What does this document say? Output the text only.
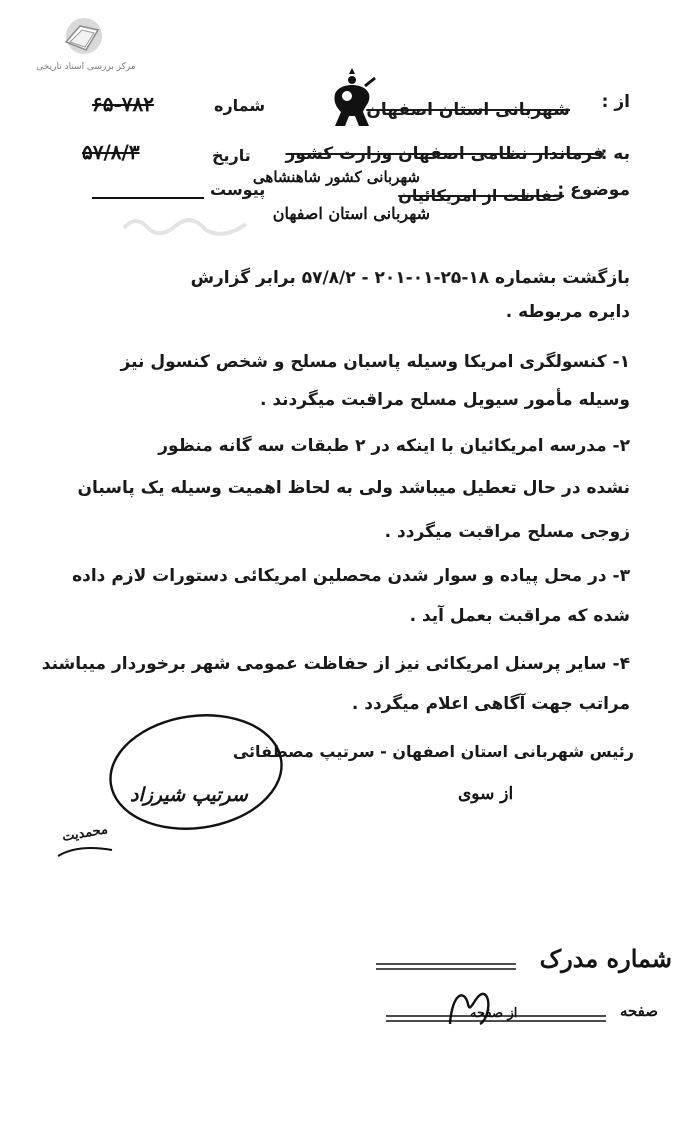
مرکز بررسی اسناد تاریخی
از :
شهربانی استان اصفهان
به :
فرماندار نظامی اصفهان وزارت کشور
شهربانی کشور شاهنشاهی
موضوع :
حفاظت از امریکائیان
شهربانی استان اصفهان
شماره
۶۵-۷۸۲
تاریخ
۵۷/۸/۳
پیوست
بازگشت بشماره ۱۸-۲۵-۰۱-۲۰۱ - ۵۷/۸/۲ برابر گزارش
دایره مربوطه .
۱- کنسولگری امریکا وسیله پاسبان مسلح و شخص کنسول نیز
وسیله مأمور سیویل مسلح مراقبت میگردند .
۲- مدرسه امریکائیان با اینکه در ۲ طبقات سه گانه منظور
نشده در حال تعطیل میباشد ولی به لحاظ اهمیت وسیله یک پاسبان
زوجی مسلح مراقبت میگردد .
۳- در محل پیاده و سوار شدن محصلین امریکائی دستورات لازم داده
شده که مراقبت بعمل آید .
۴- سایر پرسنل امریکائی نیز از حفاظت عمومی شهر برخوردار میباشند
مراتب جهت آگاهی اعلام میگردد .
رئیس شهربانی استان اصفهان - سرتیپ مصطفائی
سرتیپ شیرزاد	از سوی
محمدیت
شماره مدرک
صفحه
از صفحه
